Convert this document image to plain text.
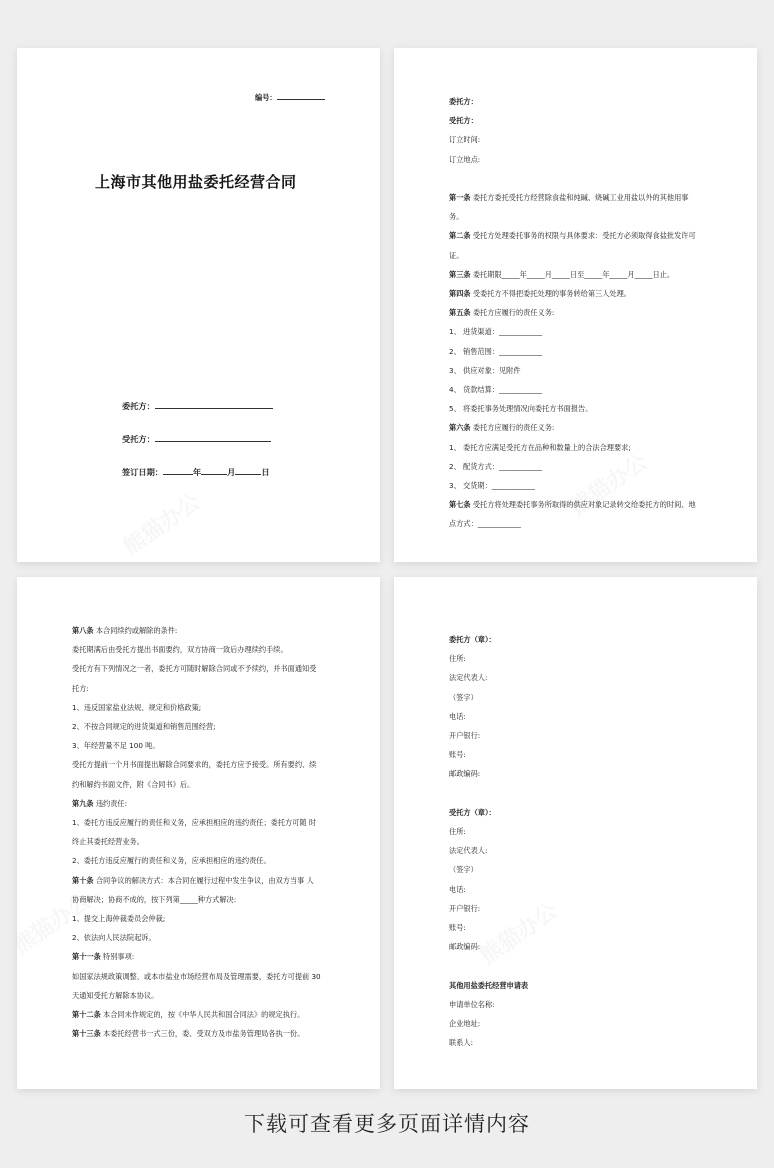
编号：
上海市其他用盐委托经营合同
委托方：
受托方：
签订日期：	年	月	日
委托方：
受托方：
订立时间:
订立地点:

第一条 委托方委托受托方经营除食盐和纯碱、烧碱工业用盐以外的其他用事
务。
第二条 受托方处理委托事务的权限与具体要求：受托方必须取得食盐批发许可
证。
第三条 委托期限_____年_____月_____日至_____年_____月_____日止。
第四条 受委托方不得把委托处理的事务转给第三人处理。
第五条 委托方应履行的责任义务:
1、 进货渠道：____________
2、 销售范围：____________
3、 供应对象：见附件
4、 货款结算：____________
5、 将委托事务处理情况向委托方书面报告。
第六条 委托方应履行的责任义务:
1、 委托方应满足受托方在品种和数量上的合法合理要求;
2、 配货方式：____________
3、 交货期：____________
第七条 受托方将处理委托事务所取得的供应对象记录转交给委托方的时间、地
点方式：____________
第八条 本合同续约或解除的条件:
委托期满后由受托方提出书面要约，双方协商一致后办理续约手续。
受托方有下列情况之一者，委托方可随时解除合同或不予续约，并书面通知受
托方:
1、违反国家盐业法规、规定和价格政策;
2、不按合同规定的进货渠道和销售范围经营;
3、年经营量不足 100 吨。
受托方提前一个月书面提出解除合同要求的，委托方应予接受。所有要约、续
约和解约书面文件，附《合同书》后。
第九条 违约责任:
1、委托方违反应履行的责任和义务，应承担相应的违约责任；委托方可随 时
终止其委托经营业务。
2、委托方违反应履行的责任和义务，应承担相应的违约责任。
第十条 合同争议的解决方式：本合同在履行过程中发生争议，由双方当事 人
协商解决；协商不成的，按下列第_____种方式解决:
1、提交上海仲裁委员会仲裁;
2、依法向人民法院起诉。
第十一条 特别事项:
如国家法规政策调整、或本市盐业市场经营布局及管理需要，委托方可提前 30
天通知受托方解除本协议。
第十二条 本合同未作规定的，按《中华人民共和国合同法》的规定执行。
第十三条 本委托经营书一式三份，委、受双方及市盐务管理局各执一份。
委托方（章）：
住所:
法定代表人:
（签字）
电话:
开户银行:
账号:
邮政编码:

受托方（章）：
住所:
法定代表人:
（签字）
电话:
开户银行:
账号:
邮政编码:

其他用盐委托经营申请表
申请单位名称:
企业地址:
联系人:
下载可查看更多页面详情内容
